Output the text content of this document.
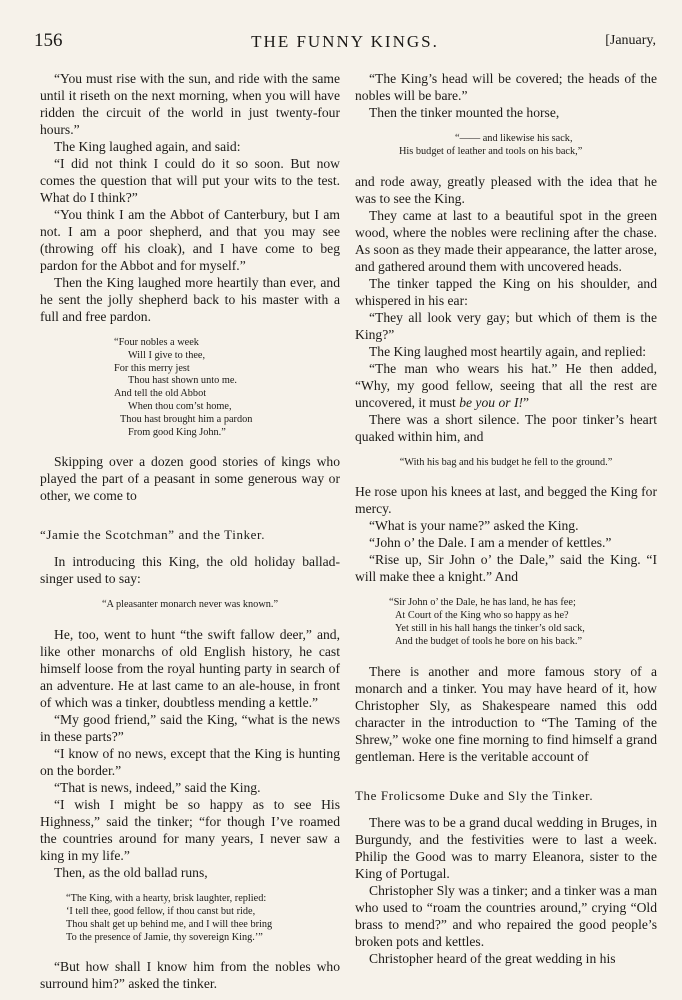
156	THE FUNNY KINGS.	[January,

“You must rise with the sun, and ride with the same until it riseth on the next morning, when you will have ridden the circuit of the world in just twenty-four hours.”

The King laughed again, and said:

“I did not think I could do it so soon. But now comes the question that will put your wits to the test. What do I think?”

“You think I am the Abbot of Canterbury, but I am not. I am a poor shepherd, and that you may see (throwing off his cloak), and I have come to beg pardon for the Abbot and for myself.”

Then the King laughed more heartily than ever, and he sent the jolly shepherd back to his master with a full and free pardon.

“Four nobles a week
Will I give to thee,
For this merry jest
Thou hast shown unto me.
And tell the old Abbot
When thou com’st home,
Thou hast brought him a pardon
From good King John.”

Skipping over a dozen good stories of kings who played the part of a peasant in some generous way or other, we come to

“Jamie the Scotchman” and the Tinker.

In introducing this King, the old holiday ballad-singer used to say:

“A pleasanter monarch never was known.”

He, too, went to hunt “the swift fallow deer,” and, like other monarchs of old English history, he cast himself loose from the royal hunting party in search of an adventure. He at last came to an ale-house, in front of which was a tinker, doubtless mending a kettle.”

“My good friend,” said the King, “what is the news in these parts?”

“I know of no news, except that the King is hunting on the border.”

“That is news, indeed,” said the King.

“I wish I might be so happy as to see His Highness,” said the tinker; “for though I’ve roamed the countries around for many years, I never saw a king in my life.”

Then, as the old ballad runs,

“The King, with a hearty, brisk laughter, replied:
‘I tell thee, good fellow, if thou canst but ride,
Thou shalt get up behind me, and I will thee bring
To the presence of Jamie, thy sovereign King.’”

“But how shall I know him from the nobles who surround him?” asked the tinker.

“The King’s head will be covered; the heads of the nobles will be bare.”

Then the tinker mounted the horse,

“—— and likewise his sack,
His budget of leather and tools on his back,”

and rode away, greatly pleased with the idea that he was to see the King.

They came at last to a beautiful spot in the green wood, where the nobles were reclining after the chase. As soon as they made their appearance, the latter arose, and gathered around them with uncovered heads.

The tinker tapped the King on his shoulder, and whispered in his ear:

“They all look very gay; but which of them is the King?”

The King laughed most heartily again, and replied:

“The man who wears his hat.” He then added, “Why, my good fellow, seeing that all the rest are uncovered, it must be you or I!”

There was a short silence. The poor tinker’s heart quaked within him, and

“With his bag and his budget he fell to the ground.”

He rose upon his knees at last, and begged the King for mercy.

“What is your name?” asked the King.

“John o’ the Dale. I am a mender of kettles.”

“Rise up, Sir John o’ the Dale,” said the King. “I will make thee a knight.” And

“Sir John o’ the Dale, he has land, he has fee;
At Court of the King who so happy as he?
Yet still in his hall hangs the tinker’s old sack,
And the budget of tools he bore on his back.”

There is another and more famous story of a monarch and a tinker. You may have heard of it, how Christopher Sly, as Shakespeare named this odd character in the introduction to “The Taming of the Shrew,” woke one fine morning to find himself a grand gentleman. Here is the veritable account of

The Frolicsome Duke and Sly the Tinker.

There was to be a grand ducal wedding in Bruges, in Burgundy, and the festivities were to last a week. Philip the Good was to marry Eleanora, sister to the King of Portugal.

Christopher Sly was a tinker; and a tinker was a man who used to “roam the countries around,” crying “Old brass to mend?” and who repaired the good people’s broken pots and kettles.

Christopher heard of the great wedding in his
